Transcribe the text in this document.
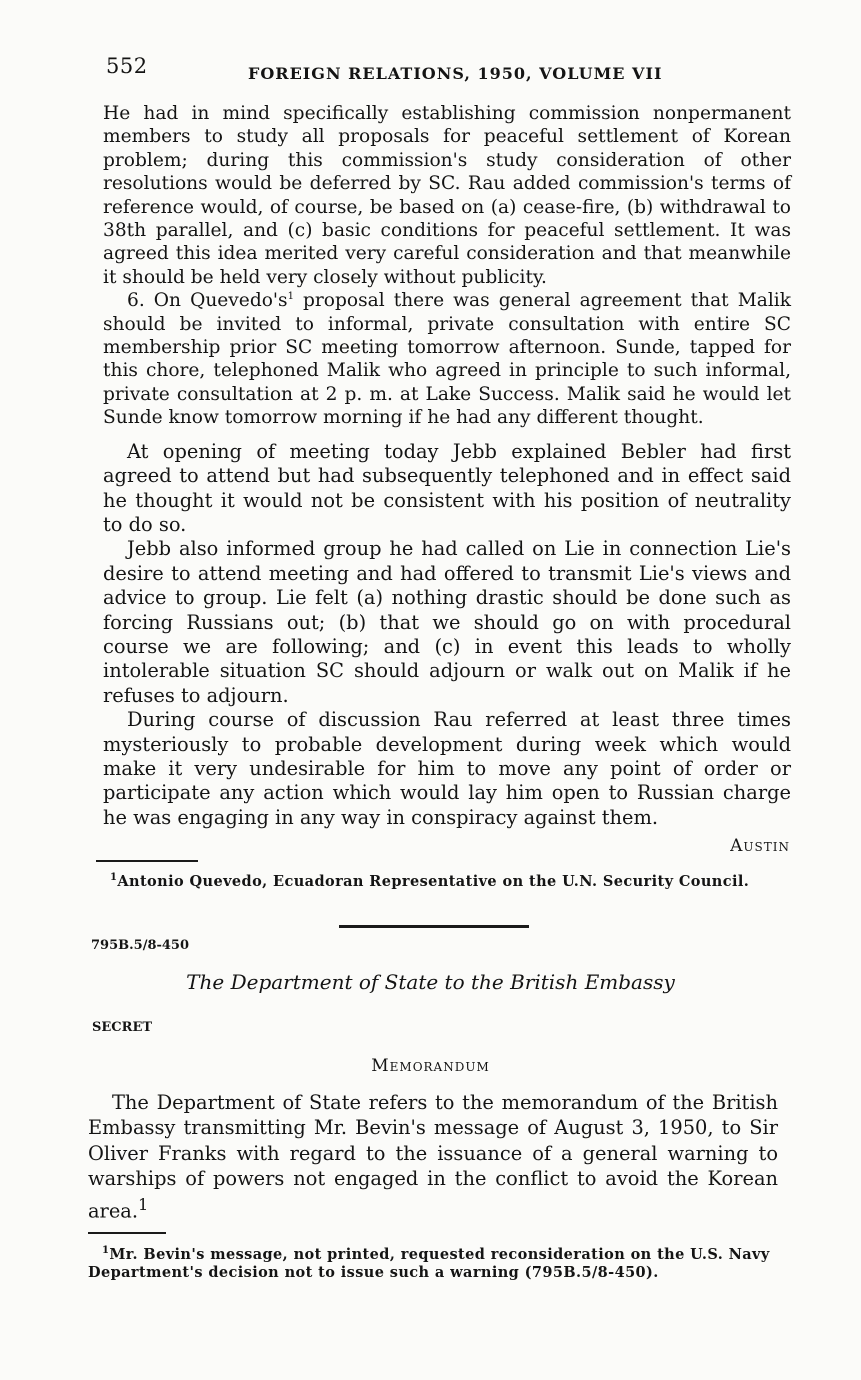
552	FOREIGN RELATIONS, 1950, VOLUME VII

He had in mind specifically establishing commission nonpermanent members to study all proposals for peaceful settlement of Korean problem; during this commission's study consideration of other resolutions would be deferred by SC. Rau added commission's terms of reference would, of course, be based on (a) cease-fire, (b) withdrawal to 38th parallel, and (c) basic conditions for peaceful settlement. It was agreed this idea merited very careful consideration and that meanwhile it should be held very closely without publicity.

6. On $Quevedo's^1$ proposal there was general agreement that Malik should be invited to informal, private consultation with entire SC membership prior SC meeting tomorrow afternoon. Sunde, tapped for this chore, telephoned Malik who agreed in principle to such informal, private consultation at 2 p. m. at Lake Success. Malik said he would let Sunde know tomorrow morning if he had any different thought.

At opening of meeting today Jebb explained Bebler had first agreed to attend but had subsequently telephoned and in effect said he thought it would not be consistent with his position of neutrality to do so.

Jebb also informed group he had called on Lie in connection Lie's desire to attend meeting and had offered to transmit Lie's views and advice to group. Lie felt (a) nothing drastic should be done such as forcing Russians out; (b) that we should go on with procedural course we are following; and (c) in event this leads to wholly intolerable situation SC should adjourn or walk out on Malik if he refuses to adjourn.

During course of discussion Rau referred at least three times mysteriously to probable development during week which would make it very undesirable for him to move any point of order or participate any action which would lay him open to Russian charge he was engaging in any way in conspiracy against them.

Austin
$^1$Antonio Quevedo, Ecuadoran Representative on the U.N. Security Council.
795B.5/8-450
The Department of State to the British Embassy
SECRET
Memorandum

The Department of State refers to the memorandum of the British Embassy transmitting Mr. Bevin's message of August 3, 1950, to Sir Oliver Franks with regard to the issuance of a general warning to warships of powers not engaged in the conflict to avoid the Korean area.$^1$

$^1$Mr. Bevin's message, not printed, requested reconsideration on the U.S. Navy Department's decision not to issue such a warning (795B.5/8-450).
